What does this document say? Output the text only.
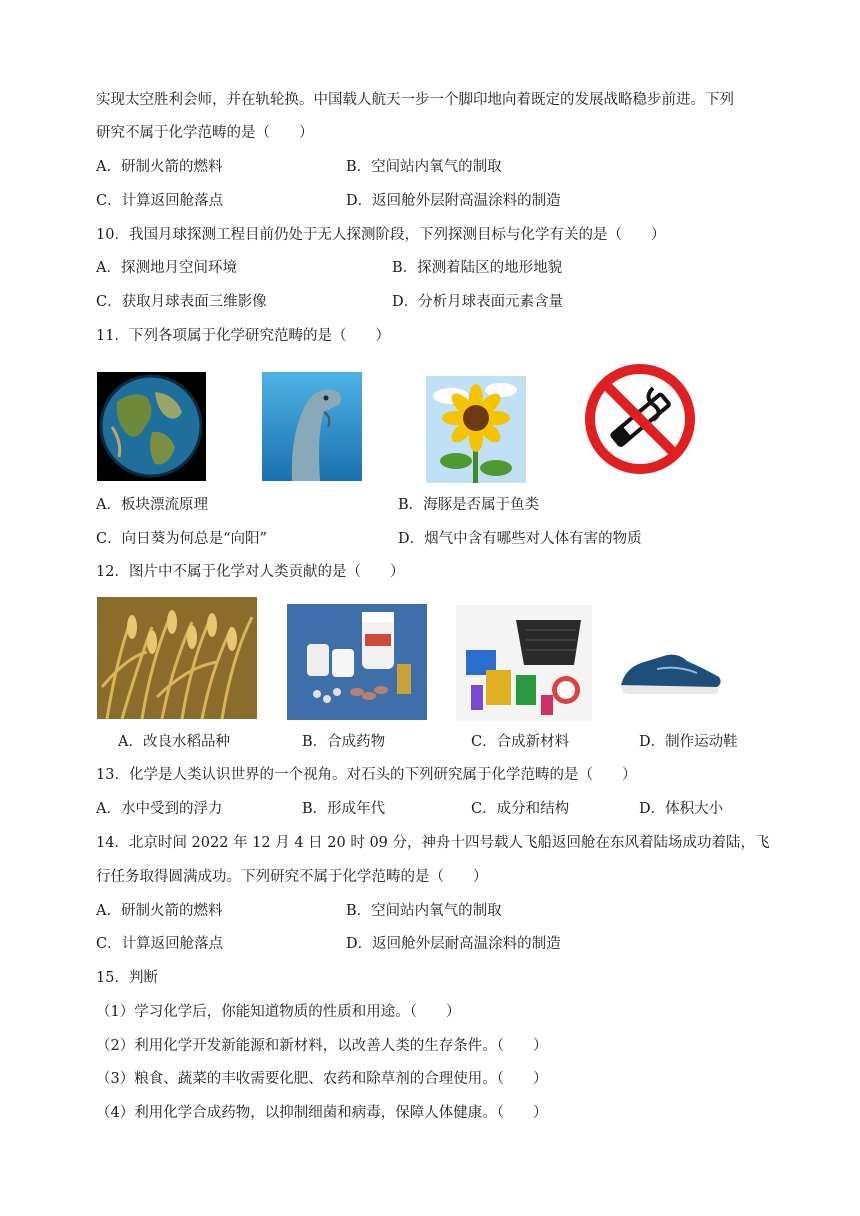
实现太空胜利会师，并在轨轮换。中国载人航天一步一个脚印地向着既定的发展战略稳步前进。下列
研究不属于化学范畴的是（　　）
A．研制火箭的燃料	B．空间站内氧气的制取
C．计算返回舱落点	D．返回舱外层附高温涂料的制造
10．我国月球探测工程目前仍处于无人探测阶段，下列探测目标与化学有关的是（　　）
A．探测地月空间环境	B．探测着陆区的地形地貌
C．获取月球表面三维影像	D．分析月球表面元素含量
11．下列各项属于化学研究范畴的是（　　）
A．板块漂流原理	B．海豚是否属于鱼类
C．向日葵为何总是“向阳”	D．烟气中含有哪些对人体有害的物质
12．图片中不属于化学对人类贡献的是（　　）
A．改良水稻品种	B．合成药物	C．合成新材料	D．制作运动鞋
13．化学是人类认识世界的一个视角。对石头的下列研究属于化学范畴的是（　　）
A．水中受到的浮力	B．形成年代	C．成分和结构	D．体积大小
14．北京时间 2022 年 12 月 4 日 20 时 09 分，神舟十四号载人飞船返回舱在东风着陆场成功着陆，飞
行任务取得圆满成功。下列研究不属于化学范畴的是（　　）
A．研制火箭的燃料	B．空间站内氧气的制取
C．计算返回舱落点	D．返回舱外层耐高温涂料的制造
15．判断
（1）学习化学后，你能知道物质的性质和用途。（　　）
（2）利用化学开发新能源和新材料，以改善人类的生存条件。（　　）
（3）粮食、蔬菜的丰收需要化肥、农药和除草剂的合理使用。（　　）
（4）利用化学合成药物，以抑制细菌和病毒，保障人体健康。（　　）
